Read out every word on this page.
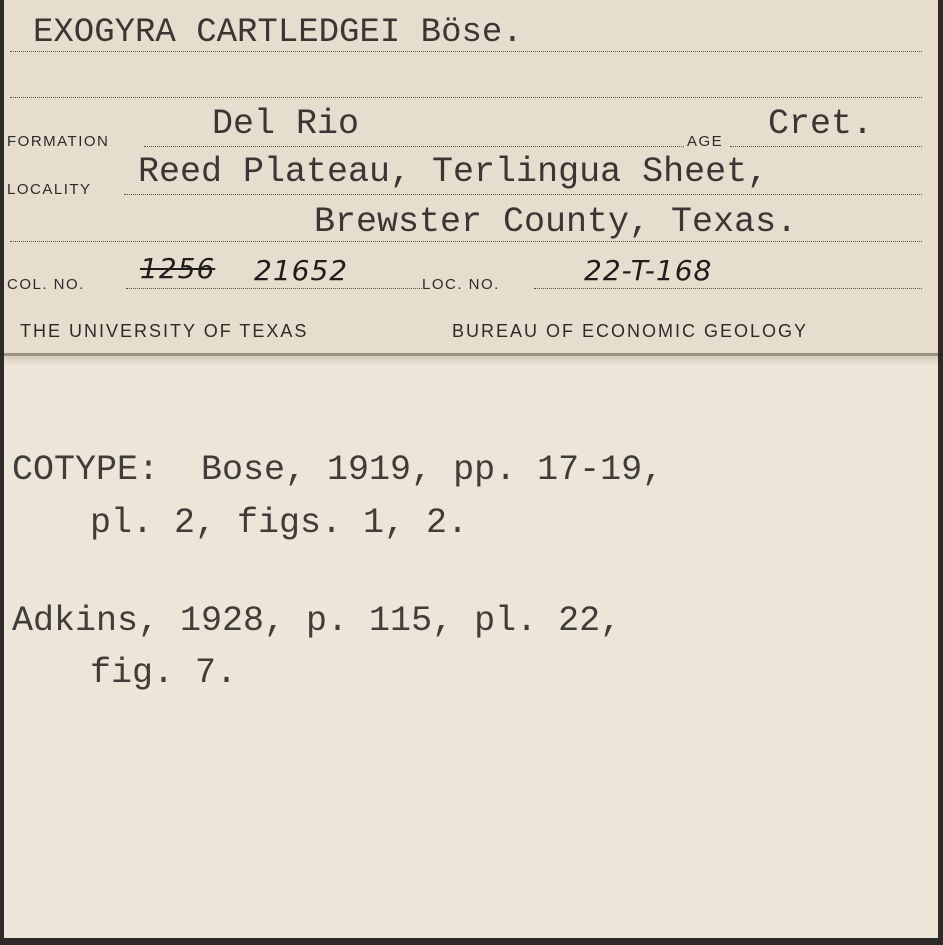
EXOGYRA CARTLEDGEI Böse.
FORMATION	Del Rio	AGE Cret.
LOCALITY Reed Plateau, Terlingua Sheet,
Brewster County, Texas.
COL. NO. 1256 21652	LOC. NO.	22-T-168
THE UNIVERSITY OF TEXAS	BUREAU OF ECONOMIC GEOLOGY
COTYPE:  Bose, 1919, pp. 17-19,
pl. 2, figs. 1, 2.
Adkins, 1928, p. 115, pl. 22,
fig. 7.
